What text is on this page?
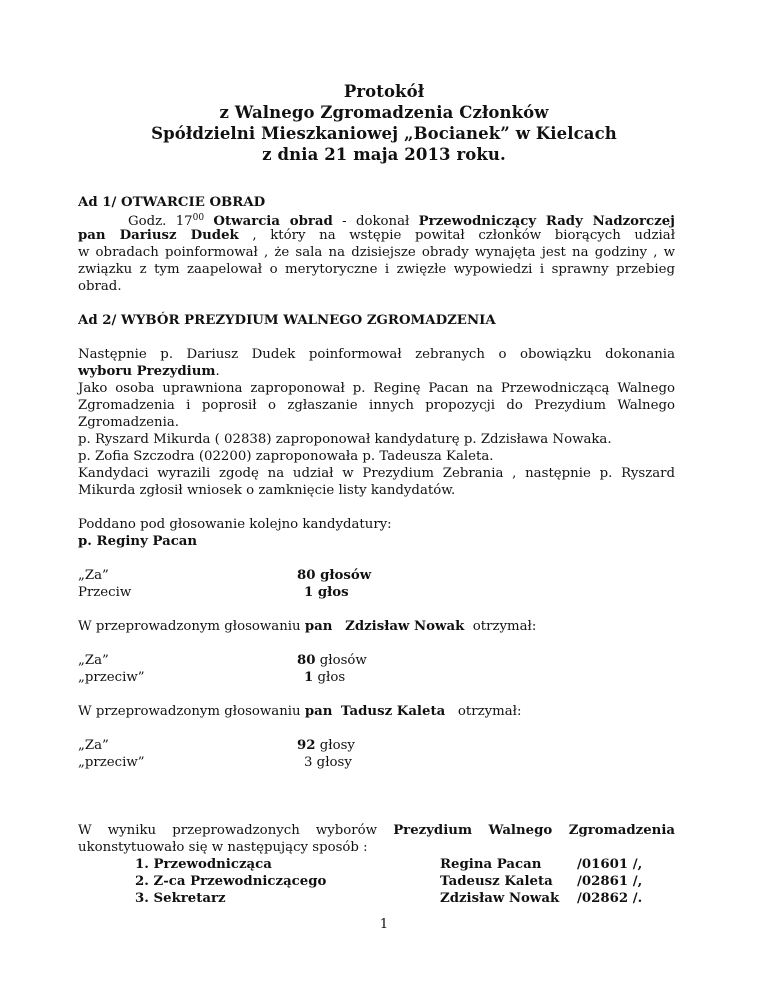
Protokół
z Walnego Zgromadzenia Członków
Spółdzielni Mieszkaniowej „Bocianek” w Kielcach
z dnia 21 maja 2013 roku.
Ad 1/ OTWARCIE OBRAD
Godz. $17^{00}$ Otwarcia obrad - dokonał Przewodniczący Rady Nadzorczej
pan Dariusz Dudek , który na wstępie powitał członków biorących udział
w obradach poinformował , że sala na dzisiejsze obrady wynajęta jest na godziny , w
związku z tym zaapelował o merytoryczne i zwięzłe wypowiedzi i sprawny przebieg
obrad.
Ad 2/ WYBÓR PREZYDIUM WALNEGO ZGROMADZENIA
Następnie p. Dariusz Dudek poinformował zebranych o obowiązku dokonania
wyboru Prezydium.
Jako osoba uprawniona zaproponował p. Reginę Pacan na Przewodniczącą Walnego
Zgromadzenia i poprosił o zgłaszanie innych propozycji do Prezydium Walnego
Zgromadzenia.
p. Ryszard Mikurda ( 02838) zaproponował kandydaturę p. Zdzisława Nowaka.
p. Zofia Szczodra (02200) zaproponowała p. Tadeusza Kaleta.
Kandydaci wyrazili zgodę na udział w Prezydium Zebrania , następnie p. Ryszard
Mikurda zgłosił wniosek o zamknięcie listy kandydatów.
Poddano pod głosowanie kolejno kandydatury:
p. Reginy Pacan
„Za”	80 głosów
Przeciw	1 głos
W przeprowadzonym głosowaniu pan Zdzisław Nowak  otrzymał:
„Za”	80 głosów
„przeciw”	1 głos
W przeprowadzonym głosowaniu pan Tadusz Kaleta   otrzymał:
„Za”	92 głosy
„przeciw”	3 głosy
W wyniku przeprowadzonych wyborów Prezydium Walnego Zgromadzenia
ukonstytuowało się w następujący sposób :
1. Przewodnicząca	Regina Pacan	/01601 /,
2. Z-ca Przewodniczącego	Tadeusz Kaleta /02861 /,
3. Sekretarz	Zdzisław Nowak /02862 /.
1
